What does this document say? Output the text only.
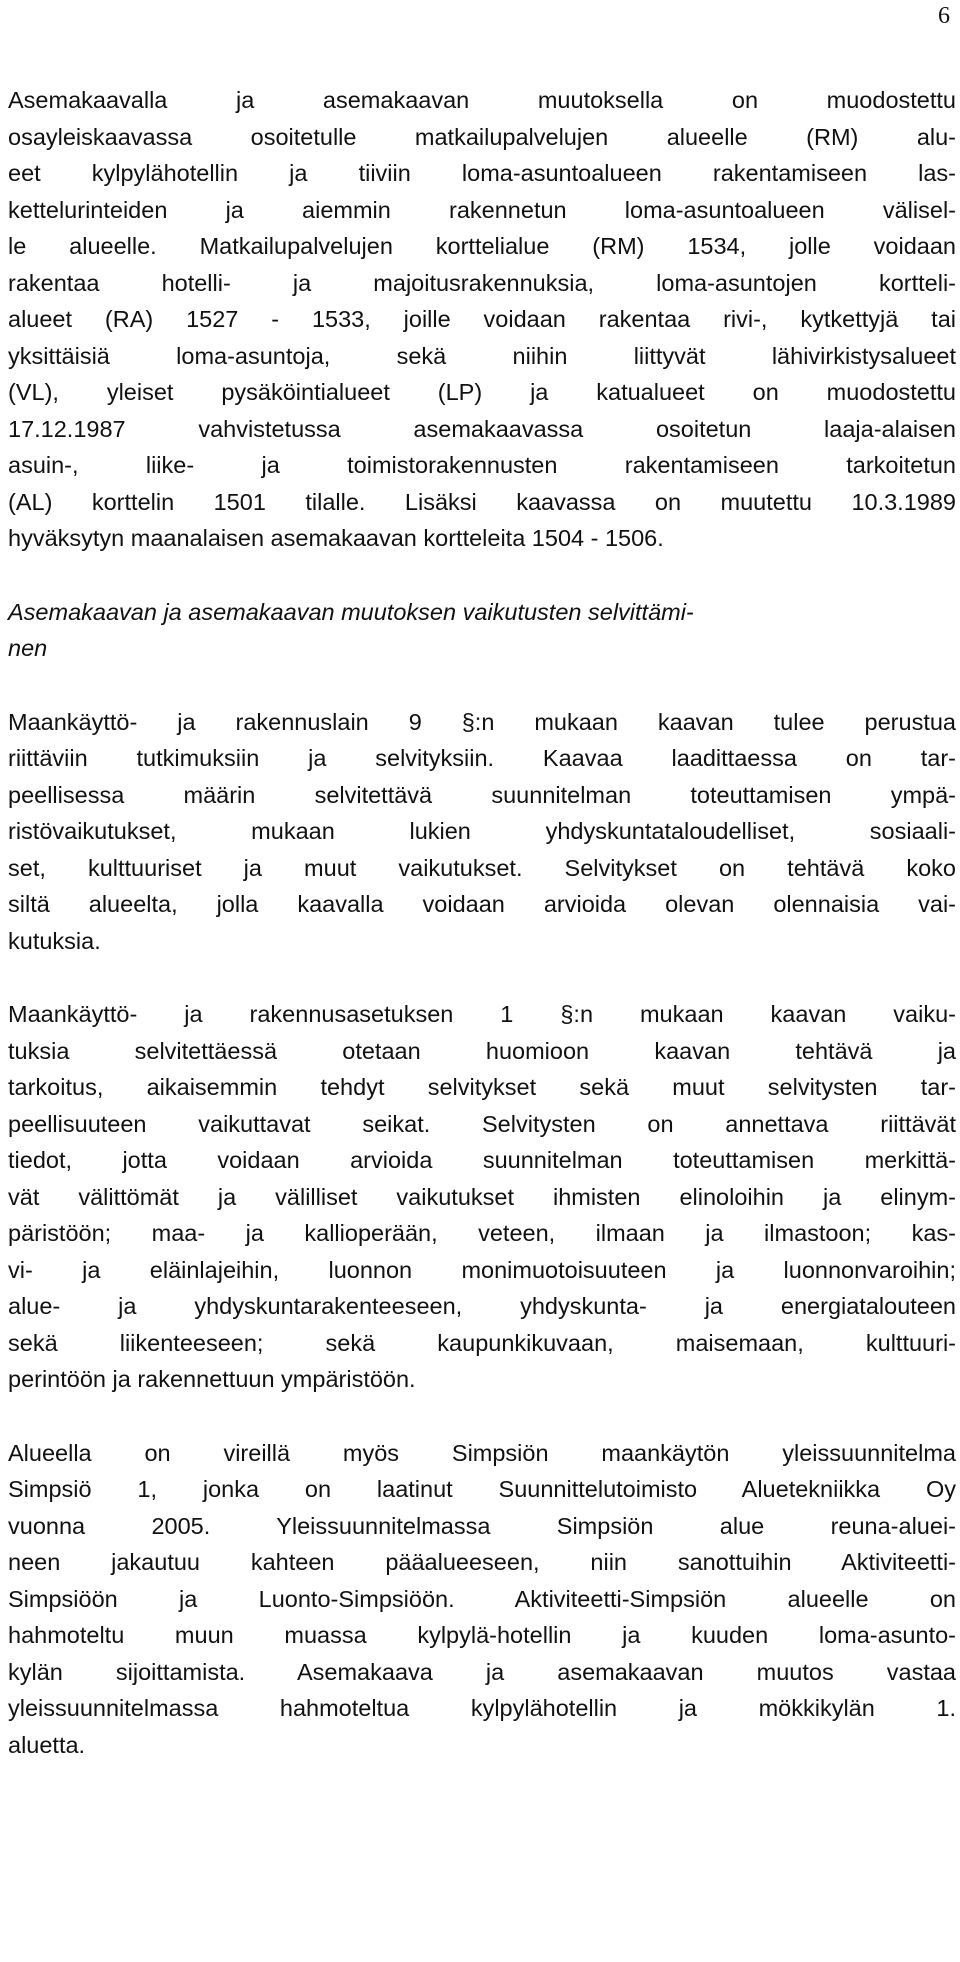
6
Asemakaavalla ja asemakaavan muutoksella on muodostettu
osayleiskaavassa osoitetulle matkailupalvelujen alueelle (RM) alu-
eet kylpylähotellin ja tiiviin loma-asuntoalueen rakentamiseen las-
kettelurinteiden ja aiemmin rakennetun loma-asuntoalueen välisel-
le alueelle. Matkailupalvelujen korttelialue (RM) 1534, jolle voidaan
rakentaa hotelli- ja majoitusrakennuksia, loma-asuntojen kortteli-
alueet (RA) 1527 - 1533, joille voidaan rakentaa rivi-, kytkettyjä tai
yksittäisiä loma-asuntoja, sekä niihin liittyvät lähivirkistysalueet
(VL), yleiset pysäköintialueet (LP) ja katualueet on muodostettu
17.12.1987 vahvistetussa asemakaavassa osoitetun laaja-alaisen
asuin-, liike- ja toimistorakennusten rakentamiseen tarkoitetun
(AL) korttelin 1501 tilalle. Lisäksi kaavassa on muutettu 10.3.1989
hyväksytyn maanalaisen asemakaavan kortteleita 1504 - 1506.
Asemakaavan ja asemakaavan muutoksen vaikutusten selvittämi-
nen
Maankäyttö- ja rakennuslain 9 §:n mukaan kaavan tulee perustua
riittäviin tutkimuksiin ja selvityksiin. Kaavaa laadittaessa on tar-
peellisessa määrin selvitettävä suunnitelman toteuttamisen ympä-
ristövaikutukset, mukaan lukien yhdyskuntataloudelliset, sosiaali-
set, kulttuuriset ja muut vaikutukset. Selvitykset on tehtävä koko
siltä alueelta, jolla kaavalla voidaan arvioida olevan olennaisia vai-
kutuksia.
Maankäyttö- ja rakennusasetuksen 1 §:n mukaan kaavan vaiku-
tuksia selvitettäessä otetaan huomioon kaavan tehtävä ja
tarkoitus, aikaisemmin tehdyt selvitykset sekä muut selvitysten tar-
peellisuuteen vaikuttavat seikat. Selvitysten on annettava riittävät
tiedot, jotta voidaan arvioida suunnitelman toteuttamisen merkittä-
vät välittömät ja välilliset vaikutukset ihmisten elinoloihin ja elinym-
päristöön; maa- ja kallioperään, veteen, ilmaan ja ilmastoon; kas-
vi- ja eläinlajeihin, luonnon monimuotoisuuteen ja luonnonvaroihin;
alue- ja yhdyskuntarakenteeseen, yhdyskunta- ja energiatalouteen
sekä liikenteeseen; sekä kaupunkikuvaan, maisemaan, kulttuuri-
perintöön ja rakennettuun ympäristöön.
Alueella on vireillä myös Simpsiön maankäytön yleissuunnitelma
Simpsiö 1, jonka on laatinut Suunnittelutoimisto Aluetekniikka Oy
vuonna 2005. Yleissuunnitelmassa Simpsiön alue reuna-aluei-
neen jakautuu kahteen pääalueeseen, niin sanottuihin Aktiviteetti-
Simpsiöön ja Luonto-Simpsiöön. Aktiviteetti-Simpsiön alueelle on
hahmoteltu muun muassa kylpylä-hotellin ja kuuden loma-asunto-
kylän sijoittamista. Asemakaava ja asemakaavan muutos vastaa
yleissuunnitelmassa hahmoteltua kylpylähotellin ja mökkikylän 1.
aluetta.
